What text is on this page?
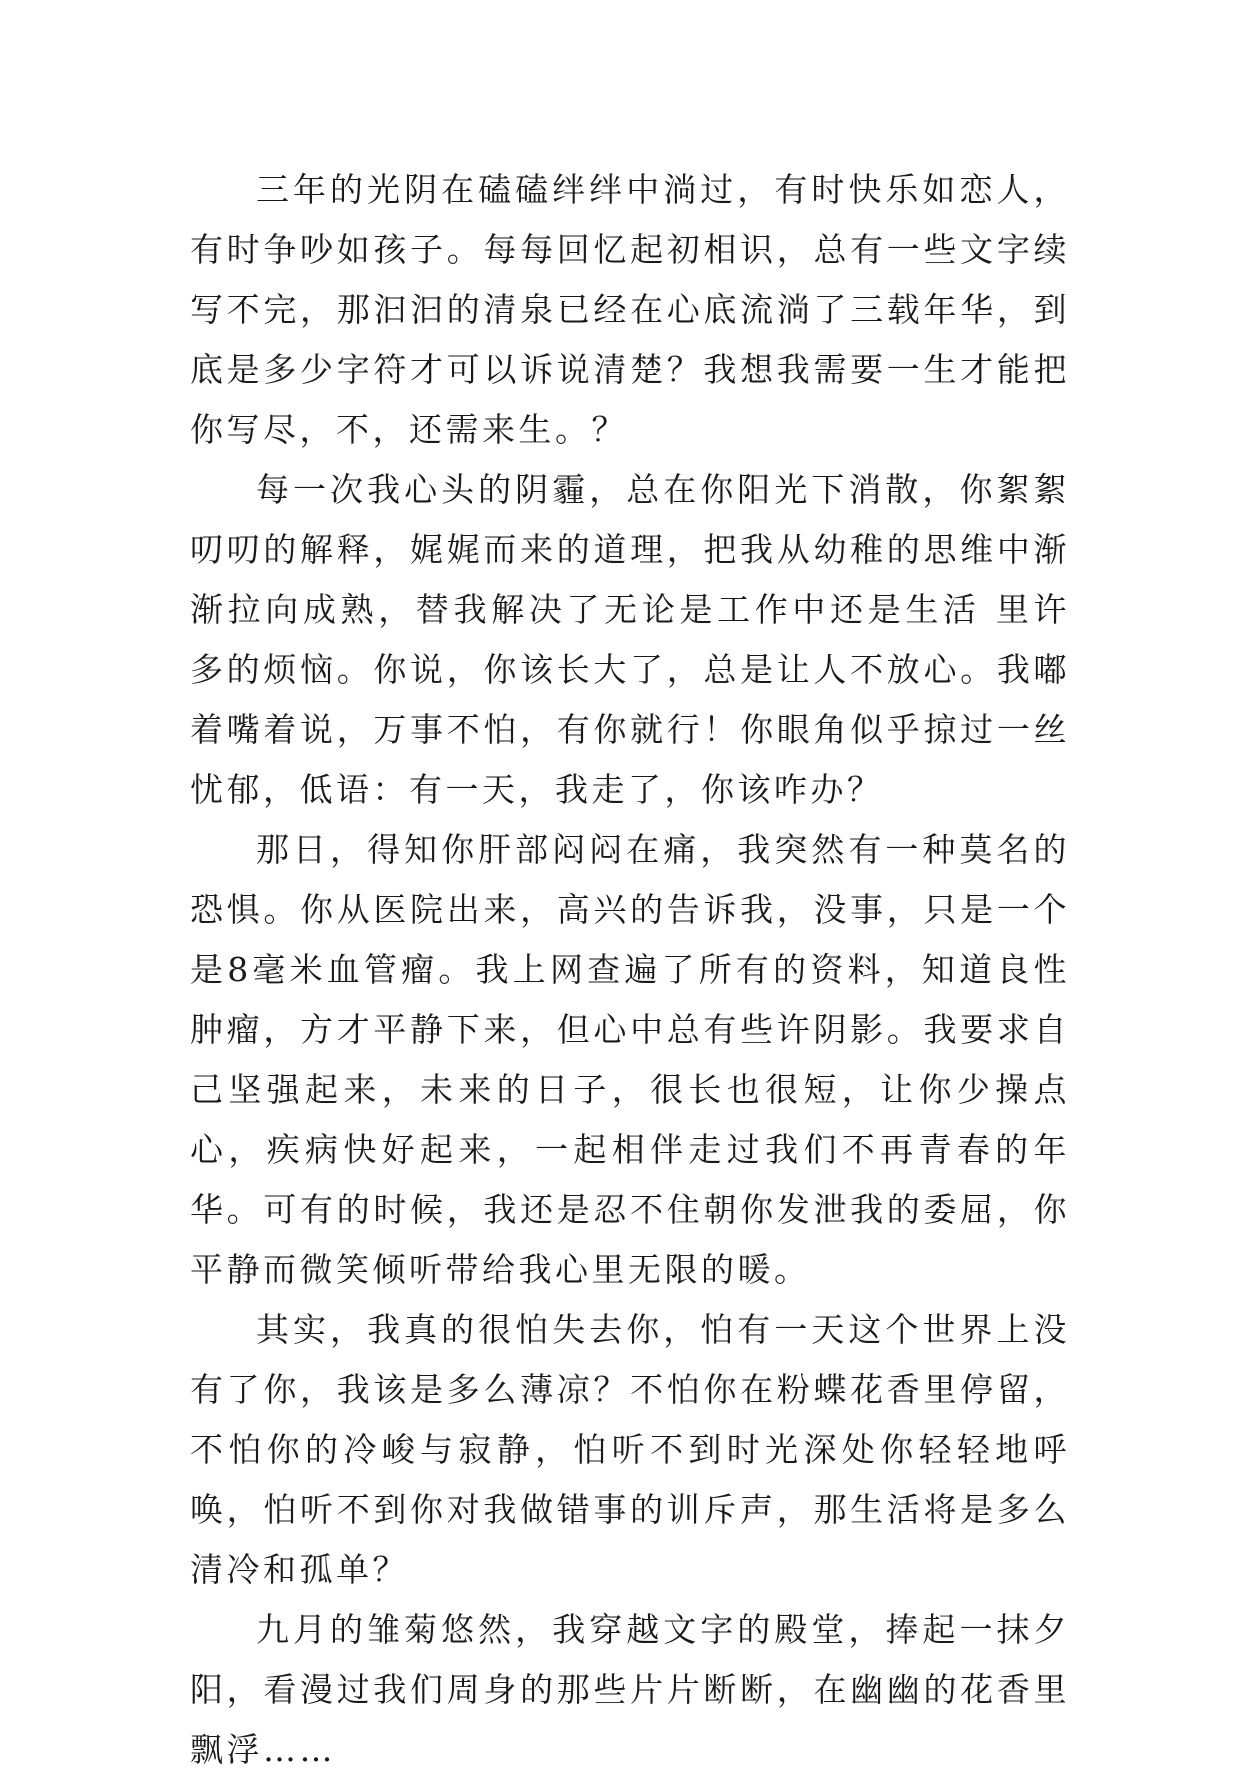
三年的光阴在磕磕绊绊中淌过，有时快乐如恋人，有时争吵如孩子。每每回忆起初相识，总有一些文字续写不完，那汩汩的清泉已经在心底流淌了三载年华，到底是多少字符才可以诉说清楚？我想我需要一生才能把你写尽，不，还需来生。？

每一次我心头的阴霾，总在你阳光下消散，你絮絮叨叨的解释，娓娓而来的道理，把我从幼稚的思维中渐渐拉向成熟，替我解决了无论是工作中还是生活 里许多的烦恼。你说，你该长大了，总是让人不放心。我嘟着嘴着说，万事不怕，有你就行！你眼角似乎掠过一丝忧郁，低语：有一天，我走了，你该咋办？

那日，得知你肝部闷闷在痛，我突然有一种莫名的恐惧。你从医院出来，高兴的告诉我，没事，只是一个是8毫米血管瘤。我上网查遍了所有的资料，知道良性肿瘤，方才平静下来，但心中总有些许阴影。我要求自己坚强起来，未来的日子，很长也很短，让你少操点心，疾病快好起来，一起相伴走过我们不再青春的年华。可有的时候，我还是忍不住朝你发泄我的委屈，你平静而微笑倾听带给我心里无限的暖。

其实，我真的很怕失去你，怕有一天这个世界上没有了你，我该是多么薄凉？不怕你在粉蝶花香里停留，不怕你的冷峻与寂静，怕听不到时光深处你轻轻地呼唤，怕听不到你对我做错事的训斥声，那生活将是多么清冷和孤单？

九月的雏菊悠然，我穿越文字的殿堂，捧起一抹夕阳，看漫过我们周身的那些片片断断，在幽幽的花香里飘浮……
